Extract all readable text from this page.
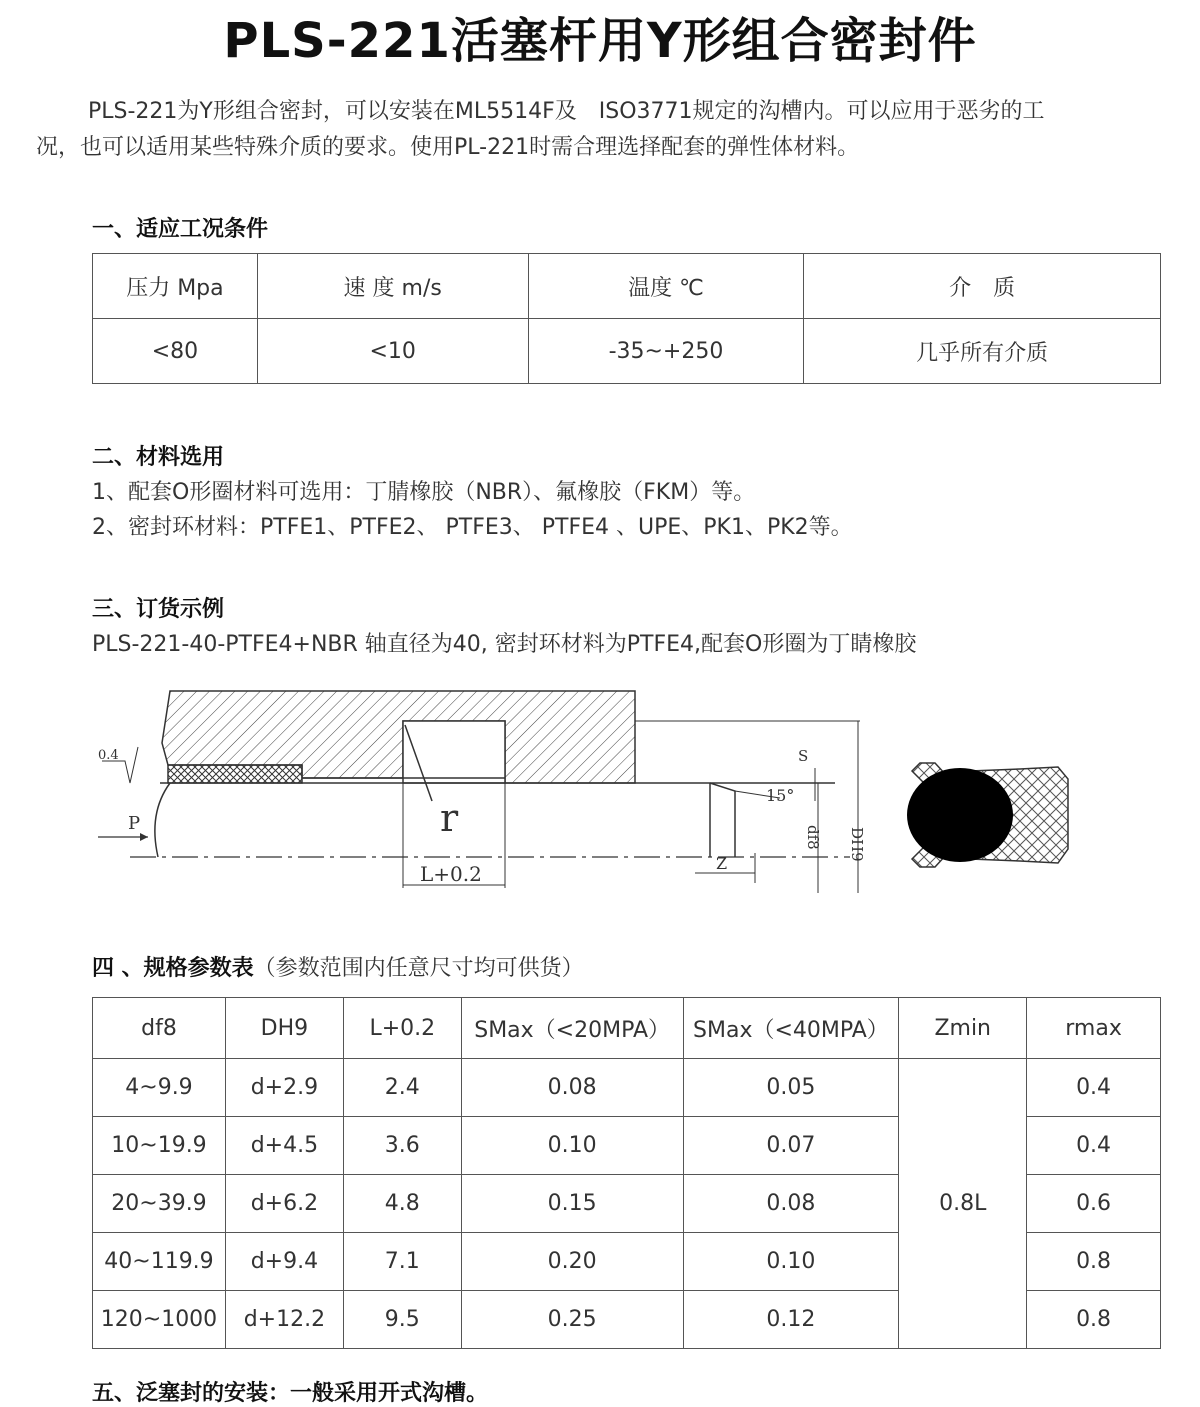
PLS-221活塞杆用Y形组合密封件

PLS-221为Y形组合密封，可以安装在ML5514F及　ISO3771规定的沟槽内。可以应用于恶劣的工

况，也可以适用某些特殊介质的要求。使用PL-221时需合理选择配套的弹性体材料。
一、适应工况条件
压力 Mpa	速 度 m/s	温度 ℃	介　质
<80	<10	-35~+250	几乎所有介质
二、材料选用
1、配套O形圈材料可选用：丁腈橡胶（NBR）、氟橡胶（FKM）等。
2、密封环材料：PTFE1、PTFE2、 PTFE3、 PTFE4 、UPE、PK1、PK2等。
三、订货示例
PLS-221-40-PTFE4+NBR 轴直径为40, 密封环材料为PTFE4,配套O形圈为丁睛橡胶
0.4
P	r
L+0.2	Z
S
15°
df8 DH9
四 、规格参数表（参数范围内任意尺寸均可供货）
df8	DH9	L+0.2	SMax（<20MPA）	SMax（<40MPA）	Zmin	rmax
4~9.9	d+2.9	2.4	0.08	0.05	0.8L	0.4
10~19.9	d+4.5	3.6	0.10	0.07		0.4
20~39.9	d+6.2	4.8	0.15	0.08		0.6
40~119.9	d+9.4	7.1	0.20	0.10		0.8
120~1000	d+12.2	9.5	0.25	0.12		0.8
五、泛塞封的安装：一般采用开式沟槽。
